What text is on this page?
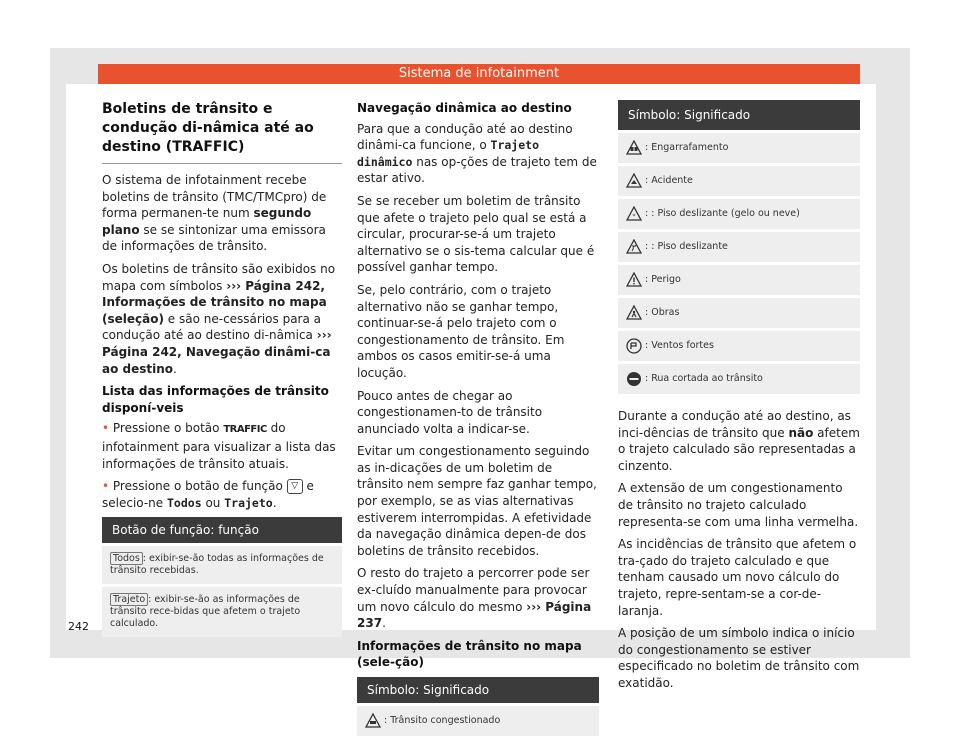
Sistema de infotainment
Boletins de trânsito e condução di-nâmica até ao destino (TRAFFIC)

O sistema de infotainment recebe boletins de trânsito (TMC/TMCpro) de forma permanen-te num segundo plano se se sintonizar uma emissora de informações de trânsito.

Os boletins de trânsito são exibidos no mapa com símbolos ››› Página 242, Informações de trânsito no mapa (seleção) e são ne-cessários para a condução até ao destino di-nâmica ››› Página 242, Navegação dinâmi-ca ao destino.

Lista das informações de trânsito disponí-veis

• Pressione o botão TRAFFIC do infotainment para visualizar a lista das informações de trânsito atuais.

• Pressione o botão de função ▽ e selecio-ne Todos ou Trajeto.

Botão de função: função
Todos : exibir-se-ão todas as informações de trânsito recebidas.
Trajeto : exibir-se-ão as informações de trânsito rece-bidas que afetem o trajeto calculado.
Navegação dinâmica ao destino

Para que a condução até ao destino dinâmi-ca funcione, o Trajeto dinâmico nas op-ções de trajeto tem de estar ativo.

Se se receber um boletim de trânsito que afete o trajeto pelo qual se está a circular, procurar-se-á um trajeto alternativo se o sis-tema calcular que é possível ganhar tempo.

Se, pelo contrário, com o trajeto alternativo não se ganhar tempo, continuar-se-á pelo trajeto com o congestionamento de trânsito. Em ambos os casos emitir-se-á uma locução.

Pouco antes de chegar ao congestionamen-to de trânsito anunciado volta a indicar-se.

Evitar um congestionamento seguindo as in-dicações de um boletim de trânsito nem sempre faz ganhar tempo, por exemplo, se as vias alternativas estiverem interrompidas. A efetividade da navegação dinâmica depen-de dos boletins de trânsito recebidos.

O resto do trajeto a percorrer pode ser ex-cluído manualmente para provocar um novo cálculo do mesmo ››› Página 237.

Informações de trânsito no mapa (sele-ção)
Símbolo: Significado
: Trânsito congestionado
Símbolo: Significado
: Engarrafamento
: Acidente
* : : Piso deslizante (gelo ou neve)
: : Piso deslizante
: Perigo
: Obras
: Ventos fortes
: Rua cortada ao trânsito

Durante a condução até ao destino, as inci-dências de trânsito que não afetem o trajeto calculado são representadas a cinzento.

A extensão de um congestionamento de trânsito no trajeto calculado representa-se com uma linha vermelha.

As incidências de trânsito que afetem o tra-çado do trajeto calculado e que tenham causado um novo cálculo do trajeto, repre-sentam-se a cor-de-laranja.

A posição de um símbolo indica o início do congestionamento se estiver especificado no boletim de trânsito com exatidão.

242
